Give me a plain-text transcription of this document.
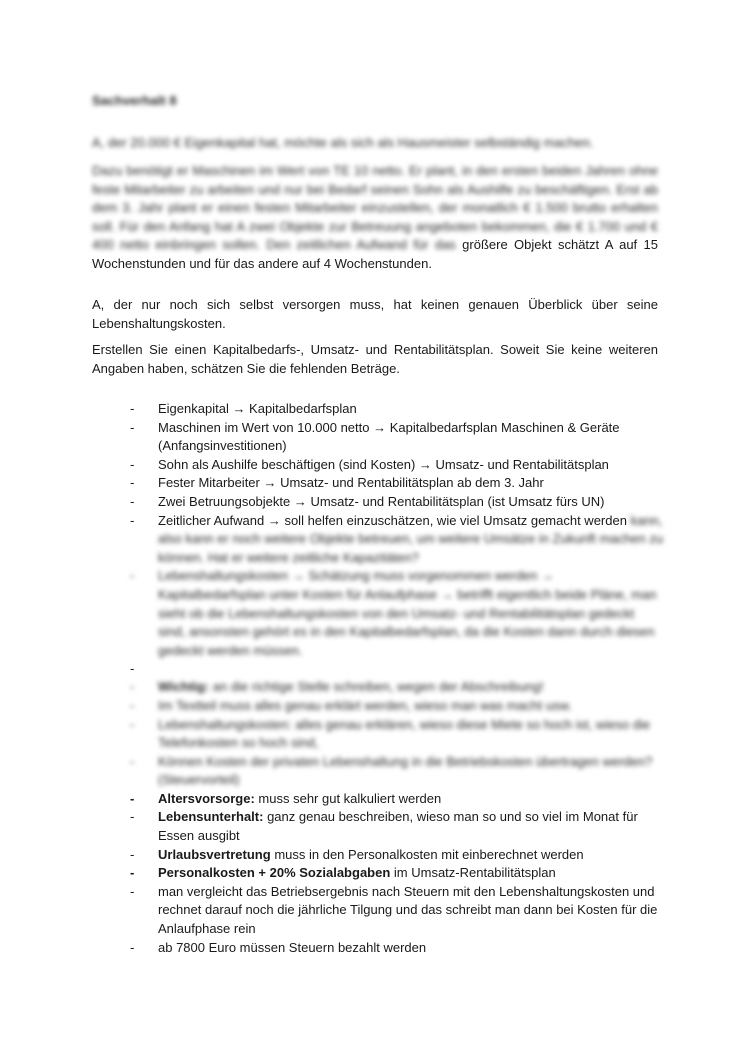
Sachverhalt 8

A, der 20.000 € Eigenkapital hat, möchte als sich als Hausmeister selbständig machen.

Dazu benötigt er Maschinen im Wert von TE 10 netto. Er plant, in den ersten beiden Jahren ohne feste Mitarbeiter zu arbeiten und nur bei Bedarf seinen Sohn als Aushilfe zu beschäftigen. Erst ab dem 3. Jahr plant er einen festen Mitarbeiter einzustellen, der monatlich € 1.500 brutto erhalten soll. Für den Anfang hat A zwei Objekte zur Betreuung angeboten bekommen, die € 1.700 und € 400 netto einbringen sollen. Den zeitlichen Aufwand für das größere Objekt schätzt A auf 15 Wochenstunden und für das andere auf 4 Wochenstunden.

A, der nur noch sich selbst versorgen muss, hat keinen genauen Überblick über seine Lebenshaltungskosten.

Erstellen Sie einen Kapitalbedarfs-, Umsatz- und Rentabilitätsplan. Soweit Sie keine weiteren Angaben haben, schätzen Sie die fehlenden Beträge.

- Eigenkapital → Kapitalbedarfsplan
- Maschinen im Wert von 10.000 netto → Kapitalbedarfsplan Maschinen & Geräte (Anfangsinvestitionen)
- Sohn als Aushilfe beschäftigen (sind Kosten) → Umsatz- und Rentabilitätsplan
- Fester Mitarbeiter → Umsatz- und Rentabilitätsplan ab dem 3. Jahr
- Zwei Betruungsobjekte → Umsatz- und Rentabilitätsplan (ist Umsatz fürs UN)
- Zeitlicher Aufwand → soll helfen einzuschätzen, wie viel Umsatz gemacht werden kann, also kann er noch weitere Objekte betreuen, um weitere Umsätze in Zukunft machen zu können. Hat er weitere zeitliche Kapazitäten?
- Lebenshaltungskosten → Schätzung muss vorgenommen werden → Kapitalbedarfsplan unter Kosten für Anlaufphase → betrifft eigentlich beide Pläne, man sieht ob die Lebenshaltungskosten von den Umsatz- und Rentabilitätsplan gedeckt sind, ansonsten gehört es in den Kapitalbedarfsplan, da die Kosten dann durch diesen gedeckt werden müssen.
-
- Wichtig: an die richtige Stelle schreiben, wegen der Abschreibung!
- Im Textteil muss alles genau erklärt werden, wieso man was macht usw.
- Lebenshaltungskosten: alles genau erklären, wieso diese Miete so hoch ist, wieso die Telefonkosten so hoch sind,
- Können Kosten der privaten Lebenshaltung in die Betriebskosten übertragen werden? (Steuervorteil)
- Altersvorsorge: muss sehr gut kalkuliert werden
- Lebensunterhalt: ganz genau beschreiben, wieso man so und so viel im Monat für Essen ausgibt
- Urlaubsvertretung muss in den Personalkosten mit einberechnet werden
- Personalkosten + 20% Sozialabgaben im Umsatz-Rentabilitätsplan
- man vergleicht das Betriebsergebnis nach Steuern mit den Lebenshaltungskosten und rechnet darauf noch die jährliche Tilgung und das schreibt man dann bei Kosten für die Anlaufphase rein
- ab 7800 Euro müssen Steuern bezahlt werden
